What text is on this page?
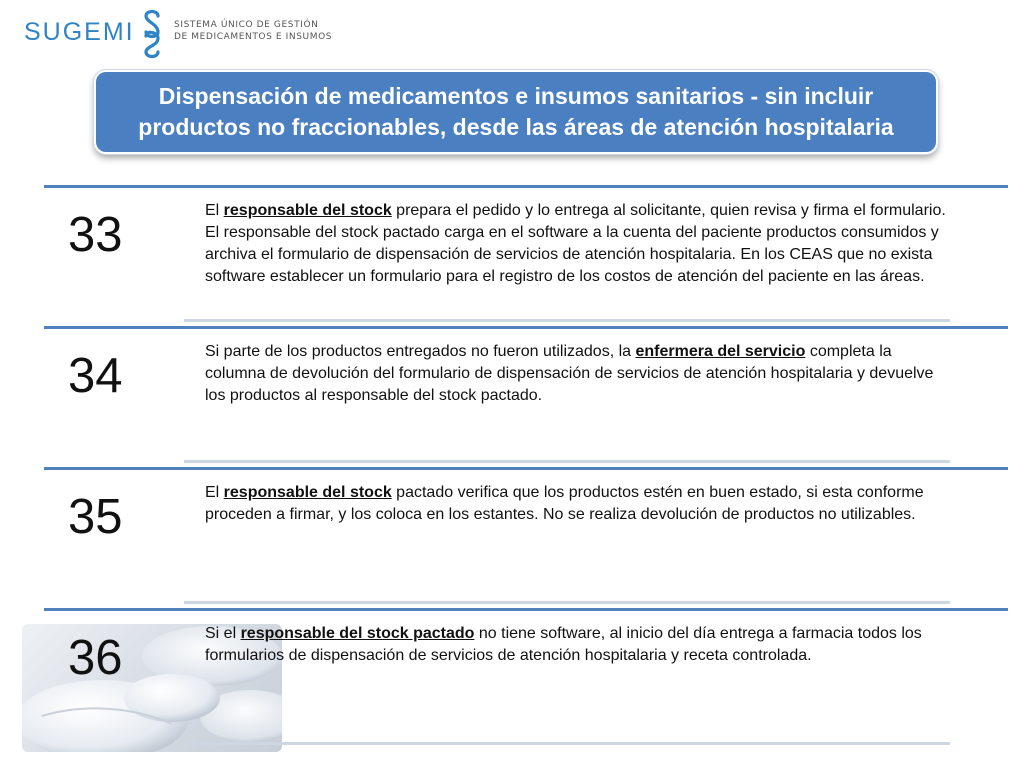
SUGEMI	SISTEMA ÚNICO DE GESTIÓN
DE MEDICAMENTOS E INSUMOS
Dispensación de medicamentos e insumos sanitarios - sin incluir productos no fraccionables, desde las áreas de atención hospitalaria
33	El responsable del stock prepara el pedido y lo entrega al solicitante, quien revisa y firma el formulario. El responsable del stock pactado carga en el software a la cuenta del paciente productos consumidos y archiva el formulario de dispensación de servicios de atención hospitalaria. En los CEAS que no exista software establecer un formulario para el registro de los costos de atención del paciente en las áreas.
34	Si parte de los productos entregados no fueron utilizados, la enfermera del servicio completa la columna de devolución del formulario de dispensación de servicios de atención hospitalaria y devuelve los productos al responsable del stock pactado.
35	El responsable del stock pactado verifica que los productos estén en buen estado, si esta conforme proceden a firmar, y los coloca en los estantes. No se realiza devolución de productos no utilizables.
36	Si el responsable del stock pactado no tiene software, al inicio del día entrega a farmacia todos los formularios de dispensación de servicios de atención hospitalaria y receta controlada.
